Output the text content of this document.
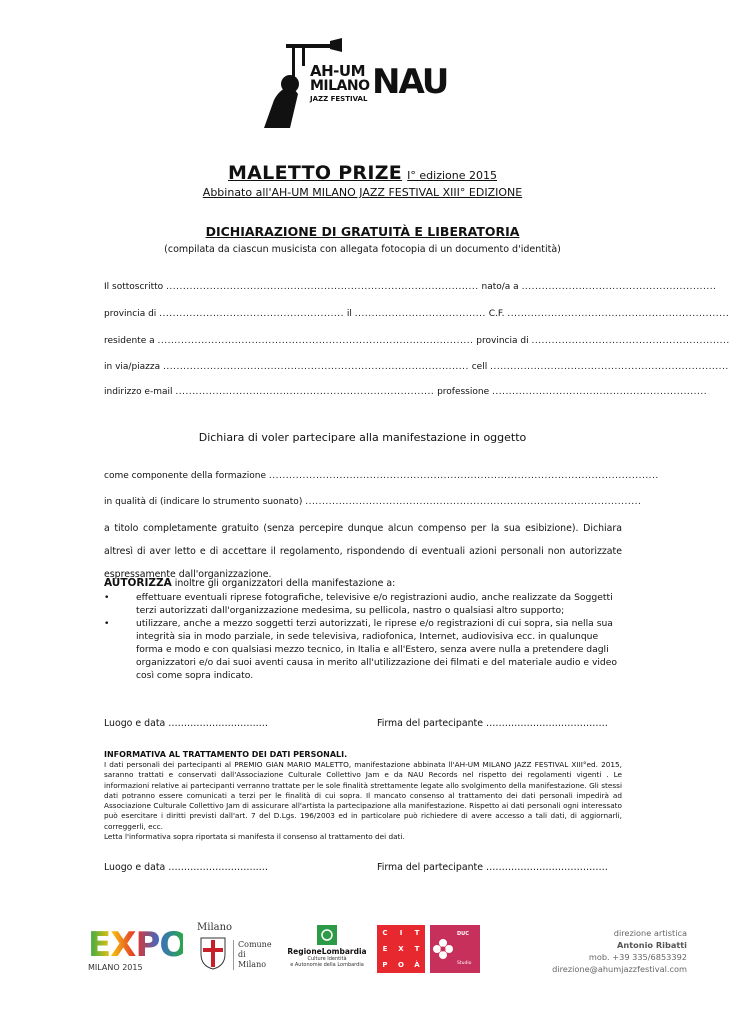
AH-UM
MILANO
JAZZ FESTIVAL NAU
MALETTO PRIZE I° edizione 2015
Abbinato all'AH-UM MILANO JAZZ FESTIVAL XIII° EDIZIONE
DICHIARAZIONE DI GRATUITÀ E LIBERATORIA
(compilata da ciascun musicista con allegata fotocopia di un documento d'identità)
Il sottoscritto ............................................................................................. nato/a a ..........................................................
provincia di ....................................................... il ....................................... C.F. ..................................................................
residente a .............................................................................................. provincia di ...........................................................
in via/piazza ........................................................................................... cell .......................................................................
indirizzo e-mail ............................................................................. professione ................................................................
Dichiara di voler partecipare alla manifestazione in oggetto
come componente della formazione ....................................................................................................................
in qualità di (indicare lo strumento suonato) ....................................................................................................
a titolo completamente gratuito (senza percepire dunque alcun compenso per la sua esibizione). Dichiara altresì di aver letto e di accettare il regolamento, rispondendo di eventuali azioni personali non autorizzate espressamente dall'organizzazione.
AUTORIZZA inoltre gli organizzatori della manifestazione a:
•	effettuare eventuali riprese fotografiche, televisive e/o registrazioni audio, anche realizzate da Soggetti terzi autorizzati dall'organizzazione medesima, su pellicola, nastro o qualsiasi altro supporto;
•	utilizzare, anche a mezzo soggetti terzi autorizzati, le riprese e/o registrazioni di cui sopra, sia nella sua integrità sia in modo parziale, in sede televisiva, radiofonica, Internet, audiovisiva ecc. in qualunque forma e modo e con qualsiasi mezzo tecnico, in Italia e all'Estero, senza avere nulla a pretendere dagli organizzatori e/o dai suoi aventi causa in merito all'utilizzazione dei filmati e del materiale audio e video così come sopra indicato.
Luogo e data ………………………..…	Firma del partecipante …………………………………
INFORMATIVA AL TRATTAMENTO DEI DATI PERSONALI.
I dati personali dei partecipanti al PREMIO GIAN MARIO MALETTO, manifestazione abbinata ll'AH-UM MILANO JAZZ FESTIVAL XIII°ed. 2015, saranno trattati e conservati dall'Associazione Culturale Collettivo Jam e da NAU Records nel rispetto dei regolamenti vigenti . Le informazioni relative ai partecipanti verranno trattate per le sole finalità strettamente legate allo svolgimento della manifestazione. Gli stessi dati potranno essere comunicati a terzi per le finalità di cui sopra. Il mancato consenso al trattamento dei dati personali impedirà ad Associazione Culturale Collettivo Jam di assicurare all'artista la partecipazione alla manifestazione. Rispetto ai dati personali ogni interessato può esercitare i diritti previsti dall'art. 7 del D.Lgs. 196/2003 ed in particolare può richiedere di avere accesso a tali dati, di aggiornarli, correggerli, ecc.
Letta l'informativa sopra riportata si manifesta il consenso al trattamento dei dati.
Luogo e data ………………………..…	Firma del partecipante …………………………………
EXPO
MILANO 2015
Milano
Comune
di Milano
RegioneLombardia
Culture Identità
e Autonomie della Lombardia
C	I	T
E	X	T
P	O	À
DUC
Studio
direzione artistica
Antonio Ribatti
mob. +39 335/6853392
direzione@ahumjazzfestival.com
